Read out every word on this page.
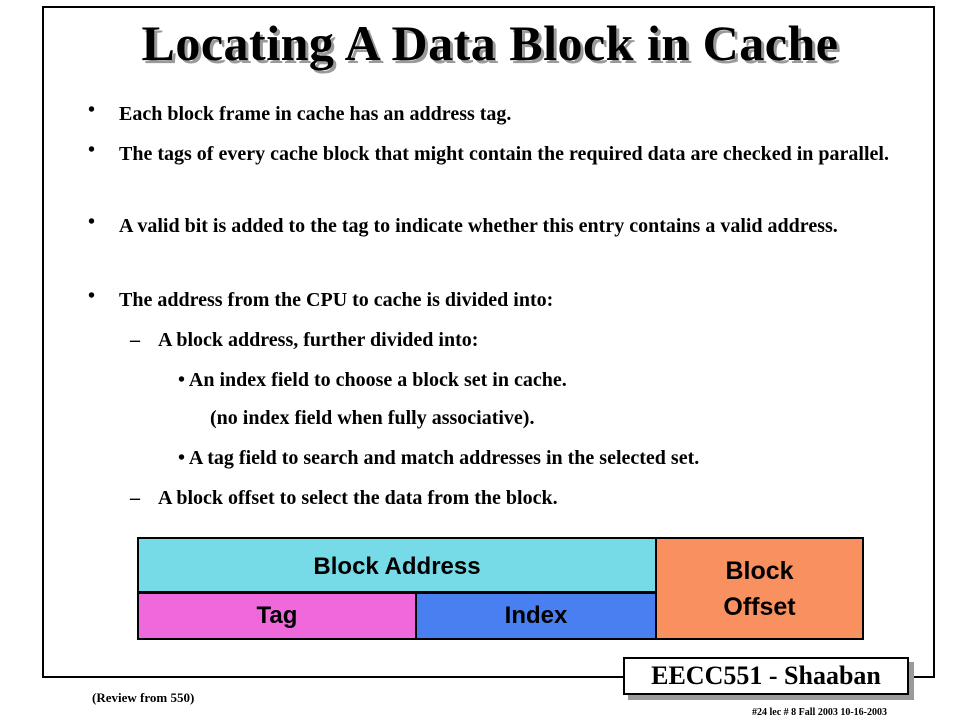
Locating A Data Block in Cache
• Each block frame in cache has an address tag.
• The tags of every cache block that might contain the required data are checked in parallel.
• A valid bit is added to the tag to indicate whether this entry contains a valid address.
• The address from the CPU to cache is divided into:
– A block address, further divided into:
• An index field to choose a block set in cache.
(no index field when fully associative).
• A tag field to search and match addresses in the selected set.
– A block offset to select the data from the block.
Block Address
Tag	Index
Block
Offset
EECC551 - Shaaban
(Review from 550)
#24 lec # 8 Fall 2003 10-16-2003
